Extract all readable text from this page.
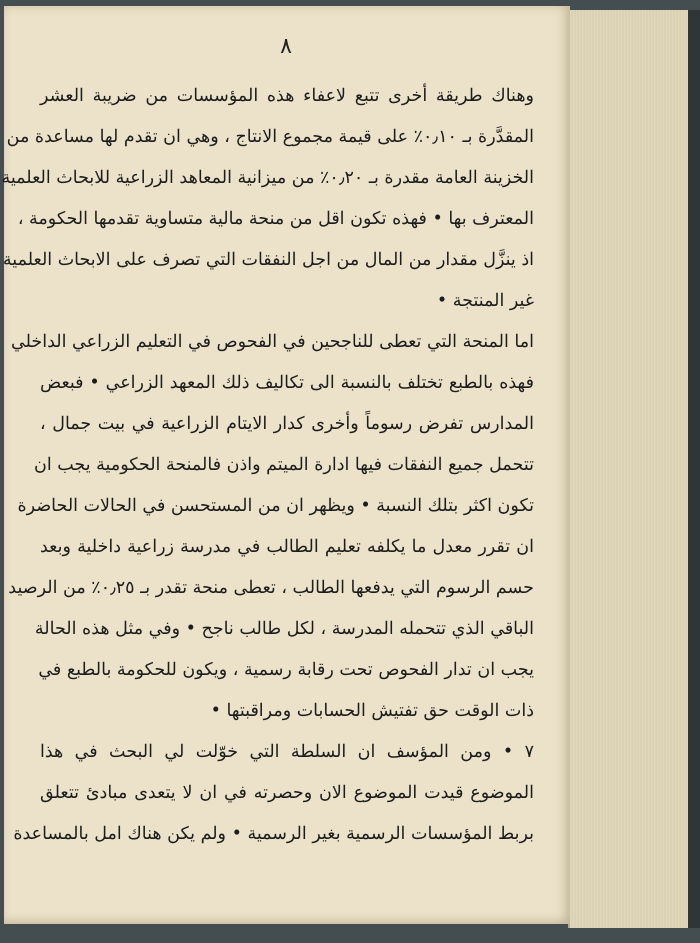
٨
وهناك طريقة أخرى تتبع لاعفاء هذه المؤسسات من ضريبة العشر
المقدَّرة بـ ٠٫١٠٪ على قيمة مجموع الانتاج ، وهي ان تقدم لها مساعدة من
الخزينة العامة مقدرة بـ ٠٫٢٠٪ من ميزانية المعاهد الزراعية للابحاث العلمية
المعترف بها • فهذه تكون اقل من منحة مالية متساوية تقدمها الحكومة ،
اذ ينزَّل مقدار من المال من اجل النفقات التي تصرف على الابحاث العلمية
غير المنتجة •
اما المنحة التي تعطى للناجحين في الفحوص في التعليم الزراعي الداخلي
فهذه بالطبع تختلف بالنسبة الى تكاليف ذلك المعهد الزراعي • فبعض
المدارس تفرض رسوماً وأخرى كدار الايتام الزراعية في بيت جمال ،
تتحمل جميع النفقات فيها ادارة الميتم واذن فالمنحة الحكومية يجب ان
تكون اكثر بتلك النسبة • ويظهر ان من المستحسن في الحالات الحاضرة
ان تقرر معدل ما يكلفه تعليم الطالب في مدرسة زراعية داخلية وبعد
حسم الرسوم التي يدفعها الطالب ، تعطى منحة تقدر بـ ٠٫٢٥٪ من الرصيد
الباقي الذي تتحمله المدرسة ، لكل طالب ناجح • وفي مثل هذه الحالة
يجب ان تدار الفحوص تحت رقابة رسمية ، ويكون للحكومة بالطبع في
ذات الوقت حق تفتيش الحسابات ومراقبتها •
٧ • ومن المؤسف ان السلطة التي خوّلت لي البحث في هذا
الموضوع قيدت الموضوع الان وحصرته في ان لا يتعدى مبادئ تتعلق
بربط المؤسسات الرسمية بغير الرسمية • ولم يكن هناك امل بالمساعدة
